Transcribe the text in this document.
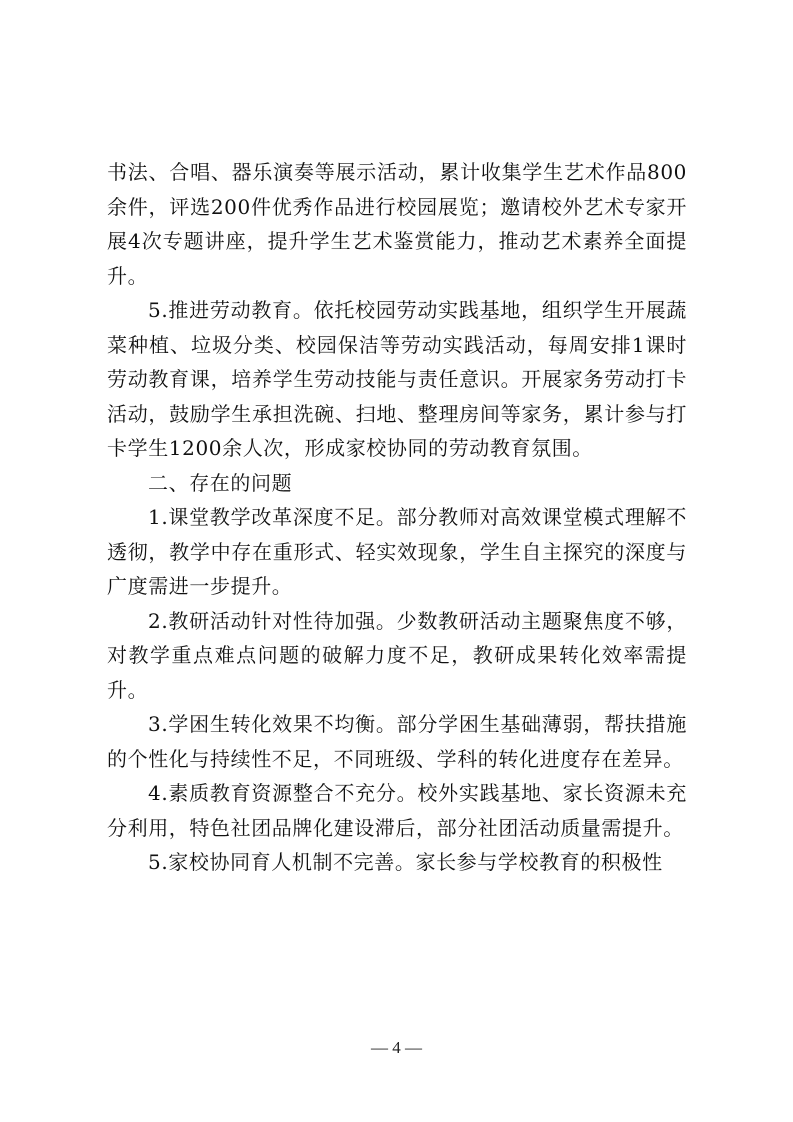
书法、合唱、器乐演奏等展示活动，累计收集学生艺术作品800余件，评选200件优秀作品进行校园展览；邀请校外艺术专家开展4次专题讲座，提升学生艺术鉴赏能力，推动艺术素养全面提升。

5.推进劳动教育。依托校园劳动实践基地，组织学生开展蔬菜种植、垃圾分类、校园保洁等劳动实践活动，每周安排1课时劳动教育课，培养学生劳动技能与责任意识。开展家务劳动打卡活动，鼓励学生承担洗碗、扫地、整理房间等家务，累计参与打卡学生1200余人次，形成家校协同的劳动教育氛围。

二、存在的问题

1.课堂教学改革深度不足。部分教师对高效课堂模式理解不透彻，教学中存在重形式、轻实效现象，学生自主探究的深度与广度需进一步提升。

2.教研活动针对性待加强。少数教研活动主题聚焦度不够，对教学重点难点问题的破解力度不足，教研成果转化效率需提升。

3.学困生转化效果不均衡。部分学困生基础薄弱，帮扶措施的个性化与持续性不足，不同班级、学科的转化进度存在差异。

4.素质教育资源整合不充分。校外实践基地、家长资源未充分利用，特色社团品牌化建设滞后，部分社团活动质量需提升。

5.家校协同育人机制不完善。家长参与学校教育的积极性

— 4 —
